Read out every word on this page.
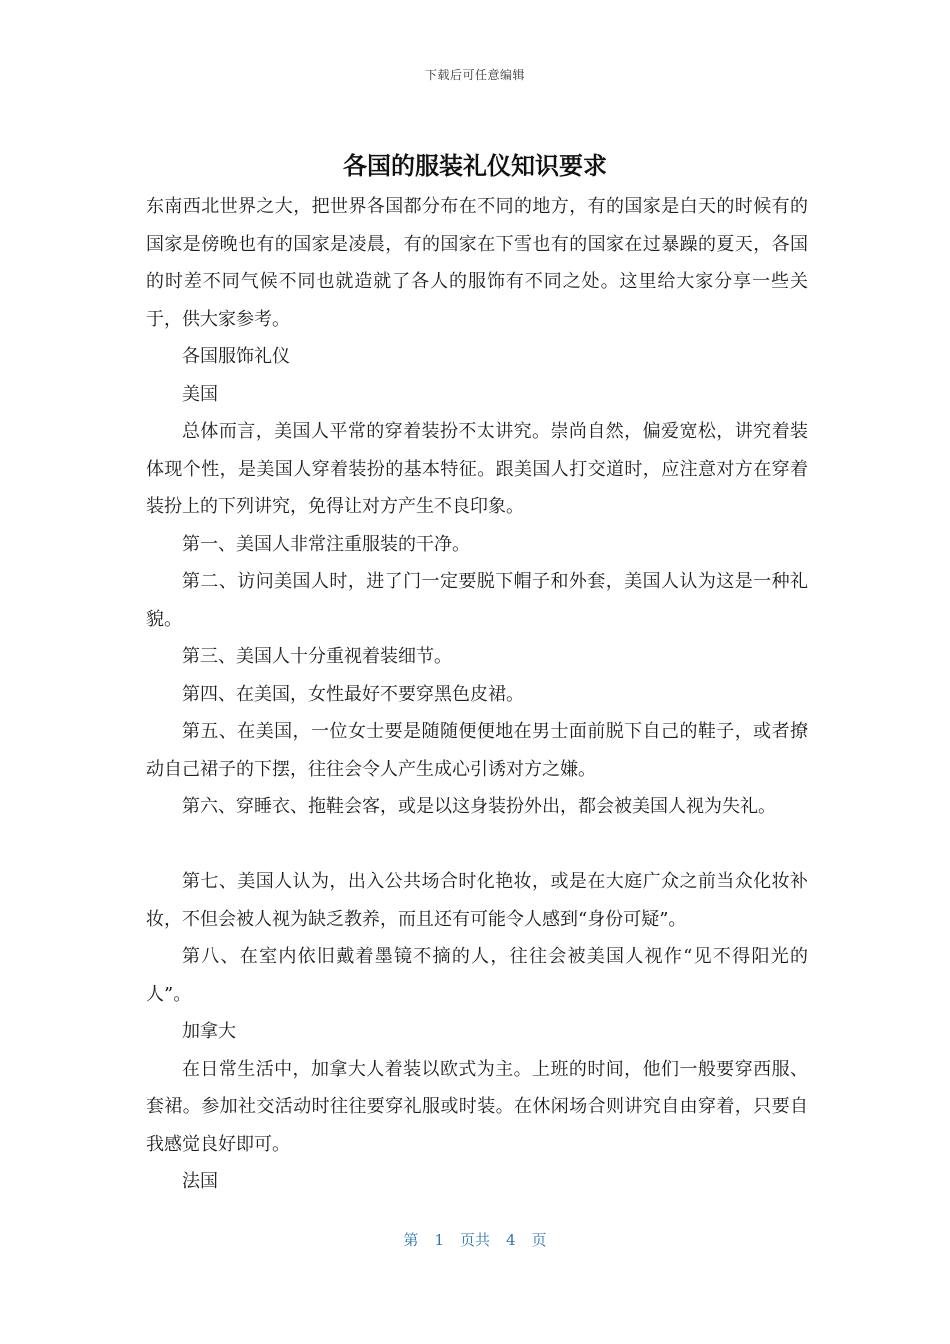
下载后可任意编辑
各国的服装礼仪知识要求

东南西北世界之大，把世界各国都分布在不同的地方，有的国家是白天的时候有的国家是傍晚也有的国家是凌晨，有的国家在下雪也有的国家在过暴躁的夏天，各国的时差不同气候不同也就造就了各人的服饰有不同之处。这里给大家分享一些关于，供大家参考。

各国服饰礼仪

美国

总体而言，美国人平常的穿着装扮不太讲究。崇尚自然，偏爱宽松，讲究着装体现个性，是美国人穿着装扮的基本特征。跟美国人打交道时，应注意对方在穿着装扮上的下列讲究，免得让对方产生不良印象。

第一、美国人非常注重服装的干净。

第二、访问美国人时，进了门一定要脱下帽子和外套，美国人认为这是一种礼貌。

第三、美国人十分重视着装细节。

第四、在美国，女性最好不要穿黑色皮裙。

第五、在美国，一位女士要是随随便便地在男士面前脱下自己的鞋子，或者撩动自己裙子的下摆，往往会令人产生成心引诱对方之嫌。

第六、穿睡衣、拖鞋会客，或是以这身装扮外出，都会被美国人视为失礼。

第七、美国人认为，出入公共场合时化艳妆，或是在大庭广众之前当众化妆补妆，不但会被人视为缺乏教养，而且还有可能令人感到“身份可疑”。

第八、在室内依旧戴着墨镜不摘的人，往往会被美国人视作“见不得阳光的人”。

加拿大

在日常生活中，加拿大人着装以欧式为主。上班的时间，他们一般要穿西服、套裙。参加社交活动时往往要穿礼服或时装。在休闲场合则讲究自由穿着，只要自我感觉良好即可。

法国

第 1 页共 4 页
